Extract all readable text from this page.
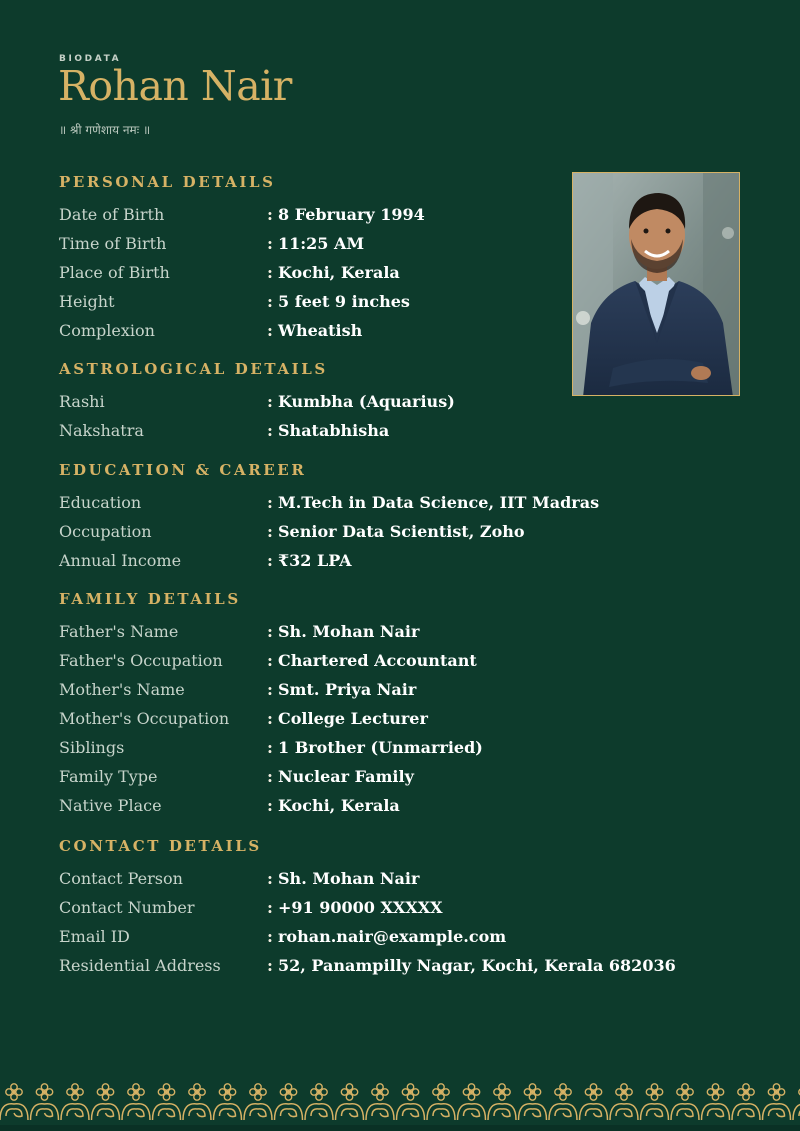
BIODATA
Rohan Nair
॥ श्री गणेशाय नमः ॥
PERSONAL DETAILS
Date of Birth	: 8 February 1994
Time of Birth	: 11:25 AM
Place of Birth	: Kochi, Kerala
Height	: 5 feet 9 inches
Complexion	: Wheatish
ASTROLOGICAL DETAILS
Rashi	: Kumbha (Aquarius)
Nakshatra	: Shatabhisha
EDUCATION & CAREER
Education	: M.Tech in Data Science, IIT Madras
Occupation	: Senior Data Scientist, Zoho
Annual Income	: ₹32 LPA
FAMILY DETAILS
Father's Name	: Sh. Mohan Nair
Father's Occupation	: Chartered Accountant
Mother's Name	: Smt. Priya Nair
Mother's Occupation : College Lecturer
Siblings	: 1 Brother (Unmarried)
Family Type	: Nuclear Family
Native Place	: Kochi, Kerala
CONTACT DETAILS
Contact Person	: Sh. Mohan Nair
Contact Number	: +91 90000 XXXXX
Email ID	: rohan.nair@example.com
Residential Address	: 52, Panampilly Nagar, Kochi, Kerala 682036
